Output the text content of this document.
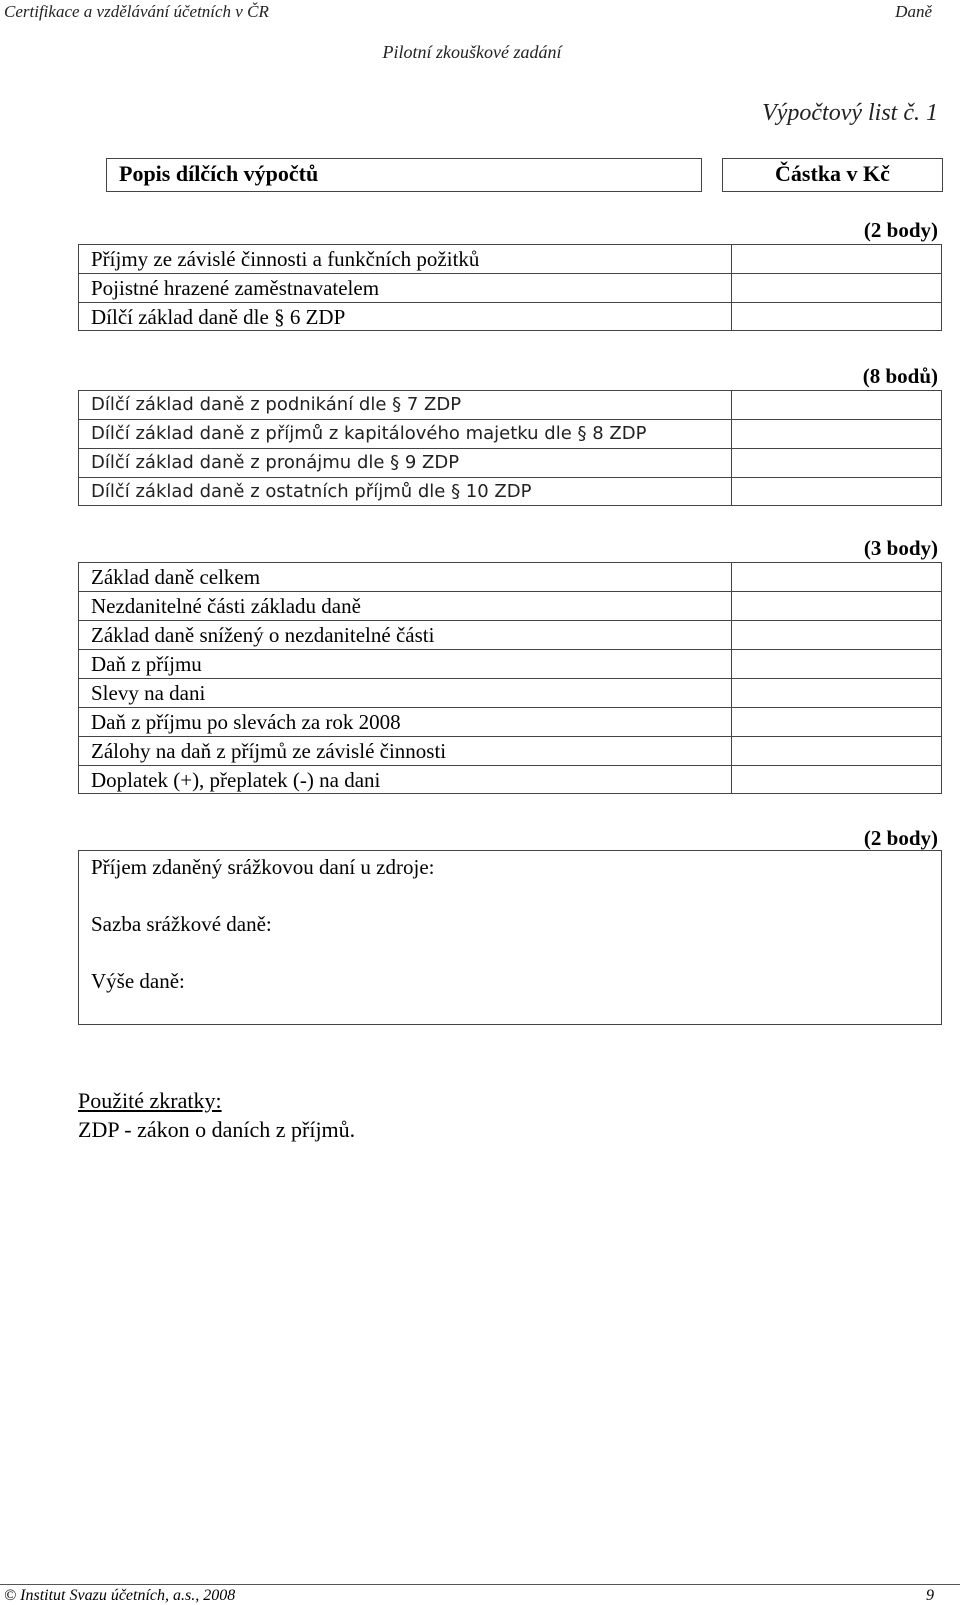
Certifikace a vzdělávání účetních v ČR	Daně
Pilotní zkouškové zadání
Výpočtový list č. 1
Popis dílčích výpočtů	Částka v Kč
(2 body)
Příjmy ze závislé činnosti a funkčních požitků
Pojistné hrazené zaměstnavatelem
Dílčí základ daně dle § 6 ZDP
(8 bodů)
Dílčí základ daně z podnikání dle § 7 ZDP
Dílčí základ daně z příjmů z kapitálového majetku dle § 8 ZDP
Dílčí základ daně z pronájmu dle § 9 ZDP
Dílčí základ daně z ostatních příjmů dle § 10 ZDP
(3 body)
Základ daně celkem
Nezdanitelné části základu daně
Základ daně snížený o nezdanitelné části
Daň z příjmu
Slevy na dani
Daň z příjmu po slevách za rok 2008
Zálohy na daň z příjmů ze závislé činnosti
Doplatek (+), přeplatek (-) na dani
(2 body)
Příjem zdaněný srážkovou daní u zdroje:
Sazba srážkové daně:
Výše daně:
Použité zkratky:
ZDP - zákon o daních z příjmů.
© Institut Svazu účetních, a.s., 2008	9
